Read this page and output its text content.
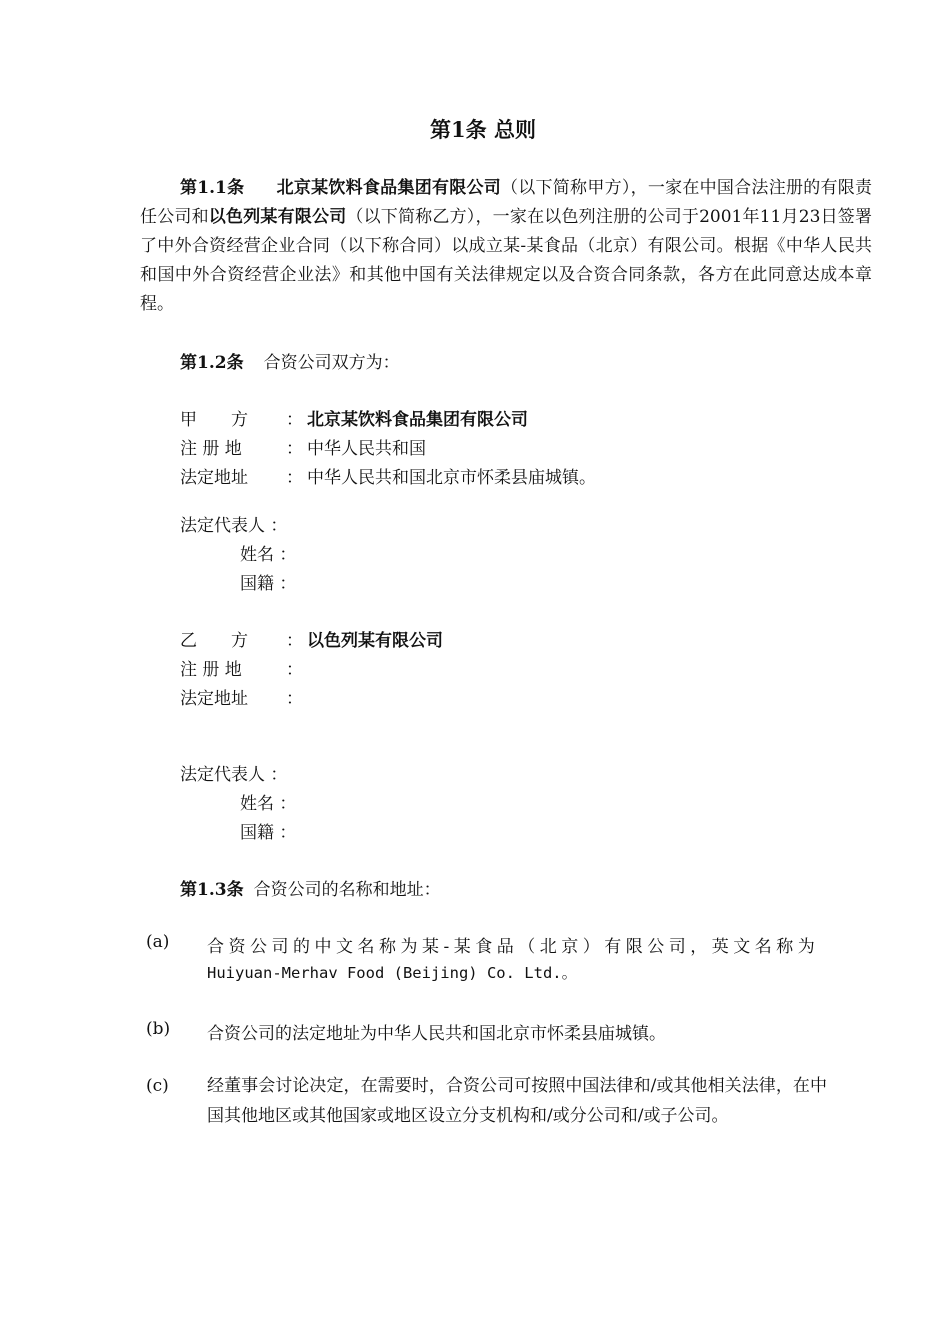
第1条 总则
第1.1条 北京某饮料食品集团有限公司（以下简称甲方），一家在中国合法注册的有限责任公司和以色列某有限公司（以下简称乙方），一家在以色列注册的公司于2001年11月23日签署了中外合资经营企业合同（以下称合同）以成立某-某食品（北京）有限公司。根据《中华人民共和国中外合资经营企业法》和其他中国有关法律规定以及合资合同条款，各方在此同意达成本章程。
第1.2条 合资公司双方为：
甲　　方 ： 北京某饮料食品集团有限公司
注 册 地	： 中华人民共和国
法定地址 ： 中华人民共和国北京市怀柔县庙城镇。
法定代表人 ：
姓名 ：
国籍 ：
乙　　方 ： 以色列某有限公司
注 册 地	：
法定地址 ：
法定代表人 ：
姓名 ：
国籍 ：
第1.3条 合资公司的名称和地址：
(a) 合资公司的中文名称为某-某食品（北京）有限公司，英文名称为
Huiyuan-Merhav Food (Beijing) Co. Ltd.。
(b) 合资公司的法定地址为中华人民共和国北京市怀柔县庙城镇。
(c) 经董事会讨论决定，在需要时，合资公司可按照中国法律和/或其他相关法律，在中国其他地区或其他国家或地区设立分支机构和/或分公司和/或子公司。
